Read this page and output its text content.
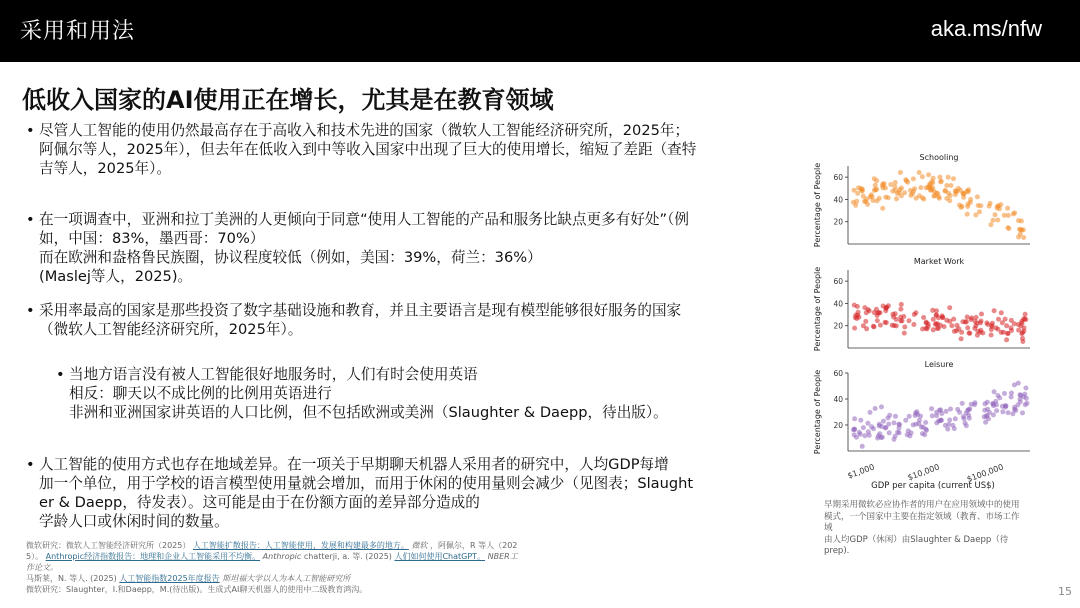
采用和用法	aka.ms/nfw
低收入国家的AI使用正在增长，尤其是在教育领域
• 尽管人工智能的使用仍然最高存在于高收入和技术先进的国家（微软人工智能经济研究所，2025年；
阿佩尔等人，2025年），但去年在低收入到中等收入国家中出现了巨大的使用增长，缩短了差距（查特
吉等人，2025年）。
• 在一项调查中，亚洲和拉丁美洲的人更倾向于同意“使用人工智能的产品和服务比缺点更多有好处”（例
如，中国：83%，墨西哥：70%）
而在欧洲和盎格鲁民族圈，协议程度较低（例如，美国：39%，荷兰：36%）
(Maslej等人，2025)。
• 采用率最高的国家是那些投资了数字基础设施和教育，并且主要语言是现有模型能够很好服务的国家
（微软人工智能经济研究所，2025年）。
• 当地方语言没有被人工智能很好地服务时，人们有时会使用英语
相反：聊天以不成比例的比例用英语进行
非洲和亚洲国家讲英语的人口比例，但不包括欧洲或美洲（Slaughter & Daepp，待出版）。
• 人工智能的使用方式也存在地域差异。在一项关于早期聊天机器人采用者的研究中，人均GDP每增
加一个单位，用于学校的语言模型使用量就会增加，而用于休闲的使用量则会减少（见图表；Slaught
er & Daepp，待发表）。这可能是由于在份额方面的差异部分造成的
学龄人口或休闲时间的数量。
微软研究：微软人工智能经济研究所（2025） 人工智能扩散报告：人工智能使用、发展和构建最多的地方。 微软 ，阿佩尔，R 等人（202
5）。 Anthropic经济指数报告：地理和企业人工智能采用不均衡。 Anthropic chatterji, a. 等. (2025) 人们如何使用ChatGPT。 NBER工
作论文。
马斯莱，N. 等人. (2025) 人工智能指数2025年度报告 斯坦福大学以人为本人工智能研究所
微软研究：Slaughter，I.和Daepp，M.(待出版)。生成式AI聊天机器人的使用中二级教育鸿沟。
Schooling
20
40
60
Percentage of People
Market Work
20
40
60
Percentage of People
Leisure
20
40
60
Percentage of People
$1,000	$10,000	$100,000
GDP per capita (current US$)
早期采用微软必应协作者的用户在应用领域中的使用
模式，一个国家中主要在指定领域（教育、市场工作
域
由人均GDP（休闲）由Slaughter & Daepp（待
prep).
15
